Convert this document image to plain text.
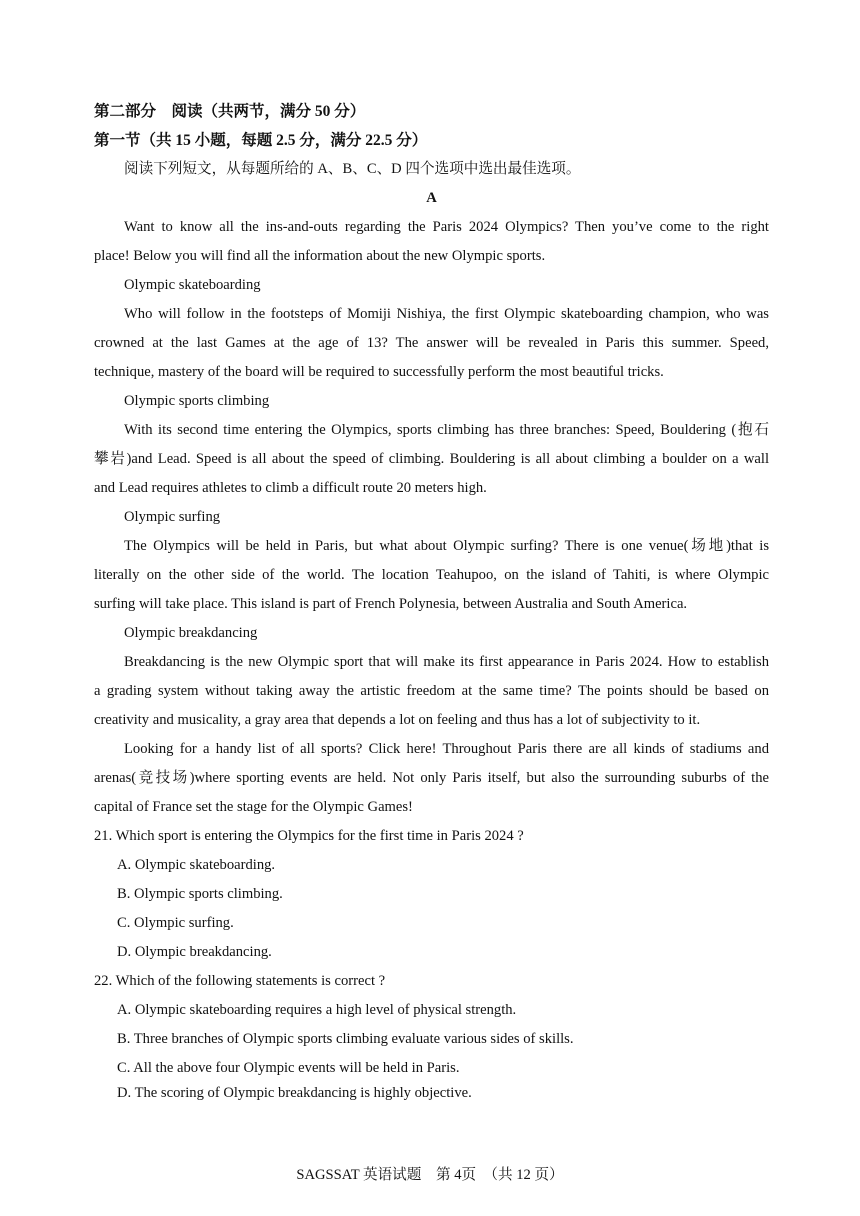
第二部分　阅读（共两节，满分 50 分）
第一节（共 15 小题，每题 2.5 分，满分 22.5 分）
阅读下列短文，从每题所给的 A、B、C、D 四个选项中选出最佳选项。
A
Want to know all the ins-and-outs regarding the Paris 2024 Olympics? Then you’ve come to the right
place! Below you will find all the information about the new Olympic sports.
Olympic skateboarding
Who will follow in the footsteps of Momiji Nishiya, the first Olympic skateboarding champion, who was
crowned at the last Games at the age of 13? The answer will be revealed in Paris this summer. Speed,
technique, mastery of the board will be required to successfully perform the most beautiful tricks.
Olympic sports climbing
With its second time entering the Olympics, sports climbing has three branches: Speed, Bouldering (抱石
攀岩)and Lead. Speed is all about the speed of climbing. Bouldering is all about climbing a boulder on a wall
and Lead requires athletes to climb a difficult route 20 meters high.
Olympic surfing
The Olympics will be held in Paris, but what about Olympic surfing? There is one venue(场地)that is
literally on the other side of the world. The location Teahupoo, on the island of Tahiti, is where Olympic
surfing will take place. This island is part of French Polynesia, between Australia and South America.
Olympic breakdancing
Breakdancing is the new Olympic sport that will make its first appearance in Paris 2024. How to establish
a grading system without taking away the artistic freedom at the same time? The points should be based on
creativity and musicality, a gray area that depends a lot on feeling and thus has a lot of subjectivity to it.
Looking for a handy list of all sports? Click here! Throughout Paris there are all kinds of stadiums and
arenas(竞技场)where sporting events are held. Not only Paris itself, but also the surrounding suburbs of the
capital of France set the stage for the Olympic Games!
21. Which sport is entering the Olympics for the first time in Paris 2024 ?
A. Olympic skateboarding.
B. Olympic sports climbing.
C. Olympic surfing.
D. Olympic breakdancing.
22. Which of the following statements is correct ?
A. Olympic skateboarding requires a high level of physical strength.
B. Three branches of Olympic sports climbing evaluate various sides of skills.
C. All the above four Olympic events will be held in Paris.
D. The scoring of Olympic breakdancing is highly objective.
SAGSSAT 英语试题　第 4页　（共 12 页）
